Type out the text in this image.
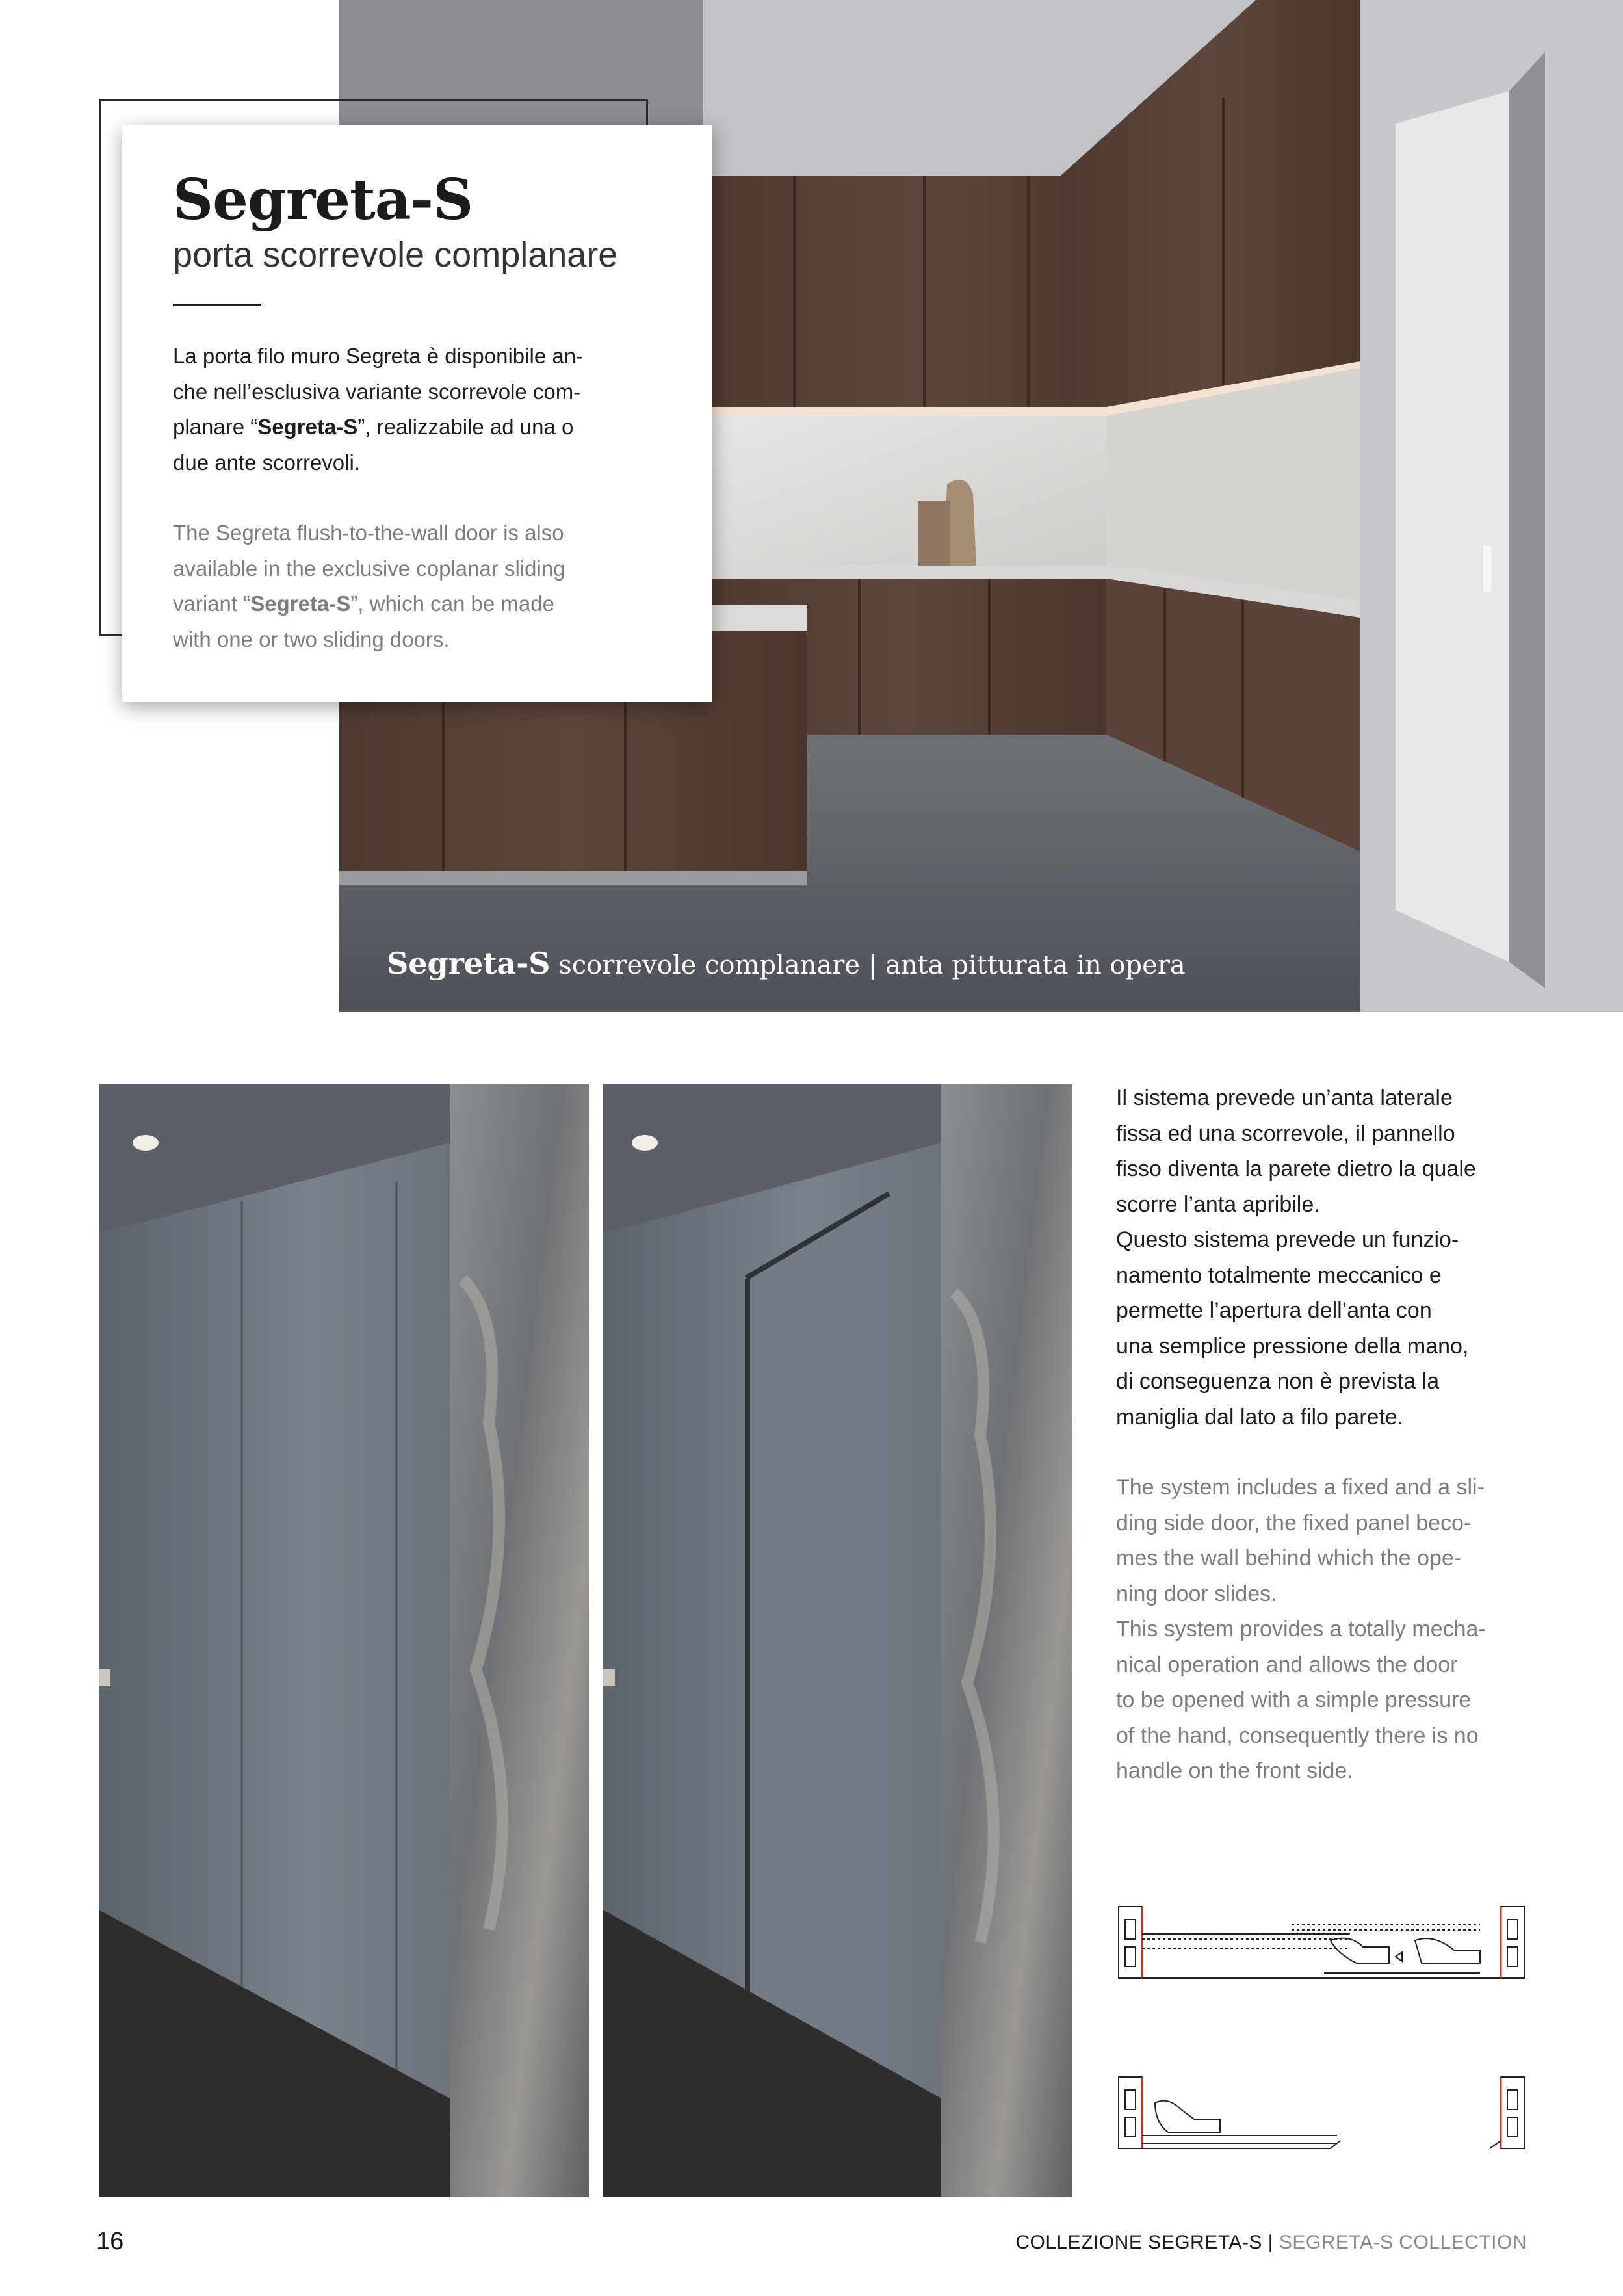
Segreta-S scorrevole complanare | anta pitturata in opera
Segreta-S
porta scorrevole complanare
La porta filo muro Segreta è disponibile an-
che nell’esclusiva variante scorrevole com-
planare “Segreta-S”, realizzabile ad una o
due ante scorrevoli.
The Segreta flush-to-the-wall door is also
available in the exclusive coplanar sliding
variant “Segreta-S”, which can be made
with one or two sliding doors.
Il sistema prevede un’anta laterale
fissa ed una scorrevole, il pannello
fisso diventa la parete dietro la quale
scorre l’anta apribile.
Questo sistema prevede un funzio-
namento totalmente meccanico e
permette l’apertura dell’anta con
una semplice pressione della mano,
di conseguenza non è prevista la
maniglia dal lato a filo parete.
The system includes a fixed and a sli-
ding side door, the fixed panel beco-
mes the wall behind which the ope-
ning door slides.
This system provides a totally mecha-
nical operation and allows the door
to be opened with a simple pressure
of the hand, consequently there is no
handle on the front side.
16	COLLEZIONE SEGRETA-S | SEGRETA-S COLLECTION
